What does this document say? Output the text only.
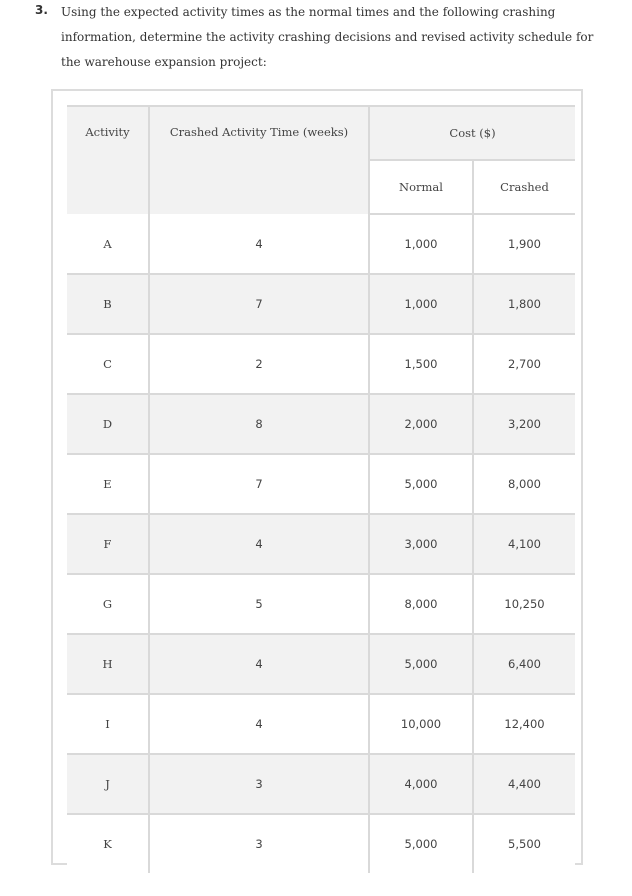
3. Using the expected activity times as the normal times and the following crashing information, determine the activity crashing decisions and revised activity schedule for the warehouse expansion project:
Activity	Crashed Activity Time (weeks)	Cost ($)	
		Normal	Crashed
A	4	1,000	1,900
B	7	1,000	1,800
C	2	1,500	2,700
D	8	2,000	3,200
E	7	5,000	8,000
F	4	3,000	4,100
G	5	8,000	10,250
H	4	5,000	6,400
I	4	10,000	12,400
J	3	4,000	4,400
K	3	5,000	5,500
